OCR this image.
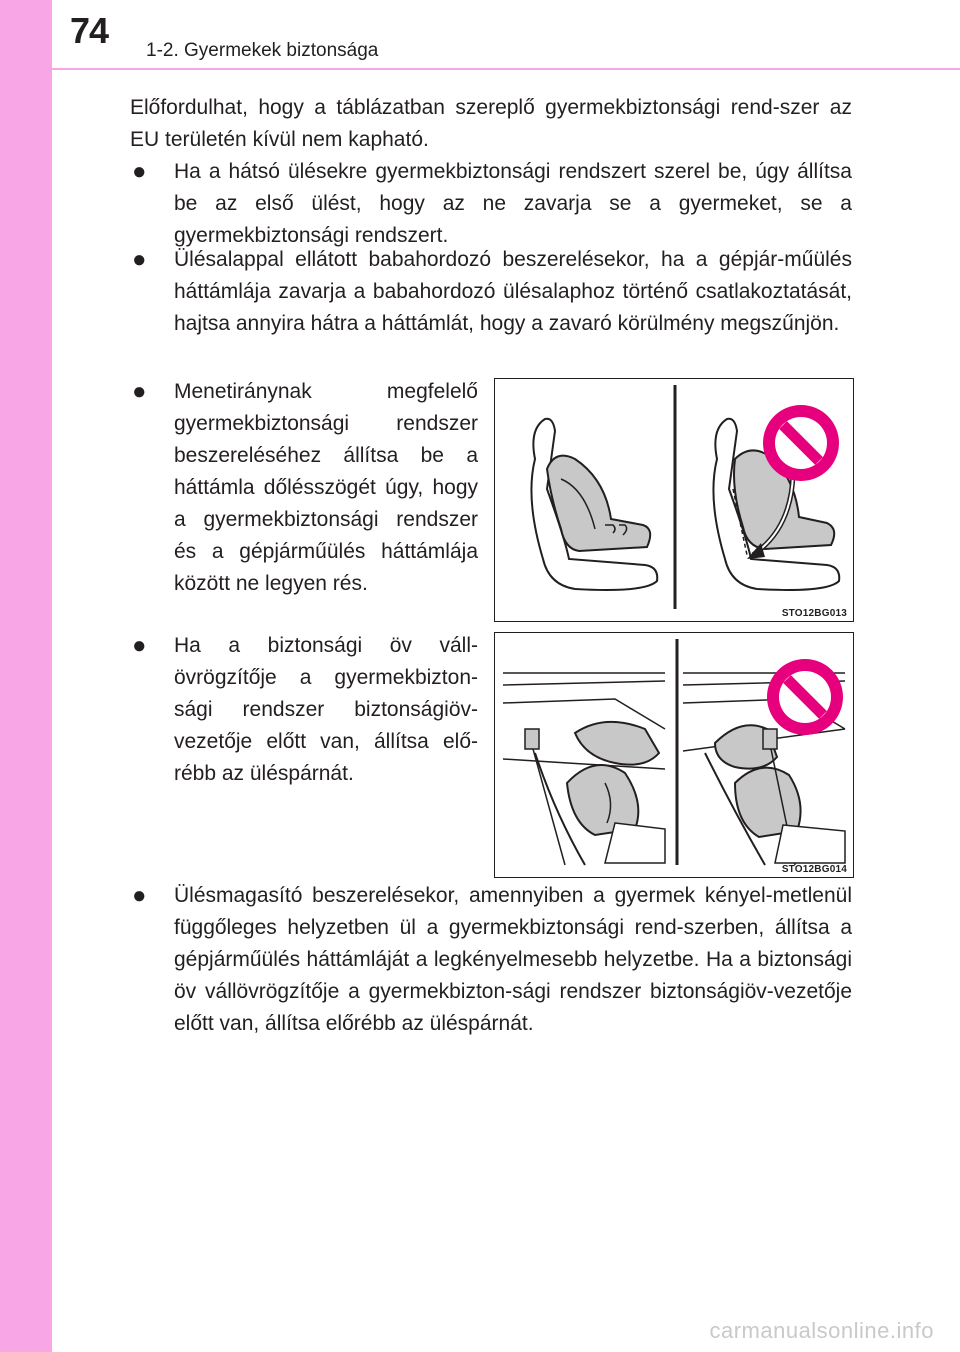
74 1-2. Gyermekek biztonsága

Előfordulhat, hogy a táblázatban szereplő gyermekbiztonsági rend-szer az EU területén kívül nem kapható.

● Ha a hátsó ülésekre gyermekbiztonsági rendszert szerel be, úgy állítsa be az első ülést, hogy az ne zavarja se a gyermeket, se a gyermekbiztonsági rendszert.

● Ülésalappal ellátott babahordozó beszerelésekor, ha a gépjár-műülés háttámlája zavarja a babahordozó ülésalaphoz történő csatlakoztatását, hajtsa annyira hátra a háttámlát, hogy a zavaró körülmény megszűnjön.

● Menetiránynak megfelelő gyermekbiztonsági rendszer beszereléséhez állítsa be a háttámla dőlésszögét úgy, hogy a gyermekbiztonsági rendszer és a gépjárműülés háttámlája között ne legyen rés.

● Ha a biztonsági öv váll-övrögzítője a gyermekbizton-sági rendszer biztonságiöv-vezetője előtt van, állítsa elő-rébb az üléspárnát.

● Ülésmagasító beszerelésekor, amennyiben a gyermek kényel-metlenül függőleges helyzetben ül a gyermekbiztonsági rend-szerben, állítsa a gépjárműülés háttámláját a legkényelmesebb helyzetbe. Ha a biztonsági öv vállövrögzítője a gyermekbizton-sági rendszer biztonságiöv-vezetője előtt van, állítsa előrébb az üléspárnát.

STO12BG013
STO12BG014
carmanualsonline.info
